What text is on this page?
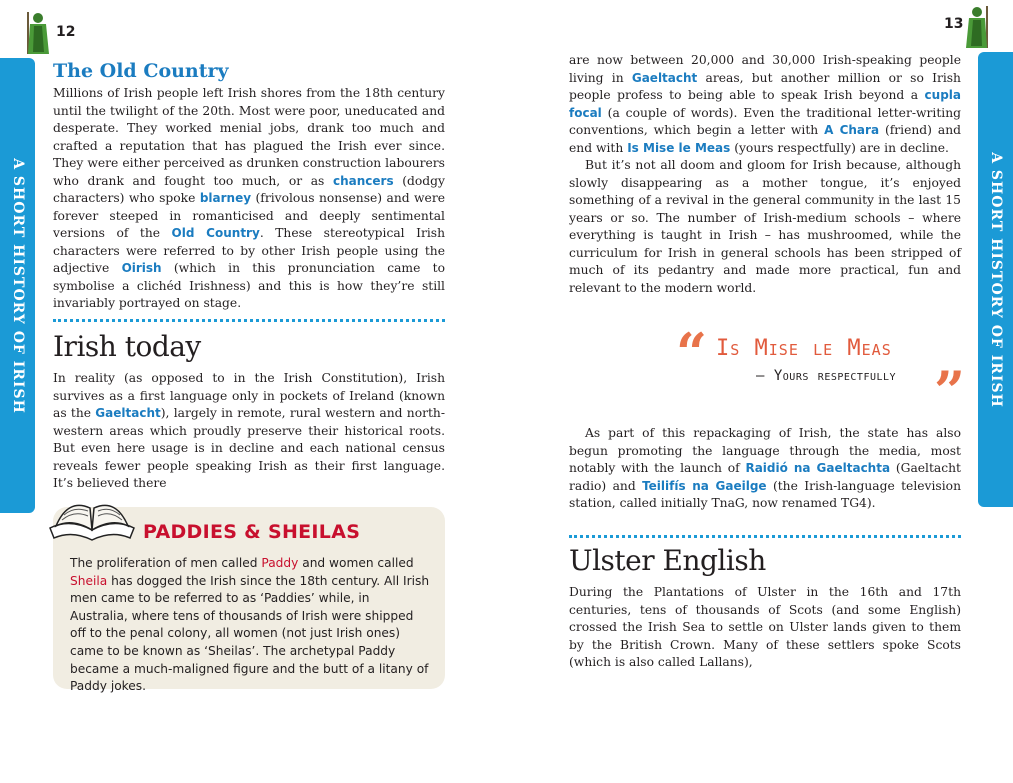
12
A SHORT HISTORY OF IRISH
The Old Country

Millions of Irish people left Irish shores from the 18th century until the twilight of the 20th. Most were poor, uneducated and desperate. They worked menial jobs, drank too much and crafted a reputation that has plagued the Irish ever since. They were either perceived as drunken construction labourers who drank and fought too much, or as chancers (dodgy characters) who spoke blarney (frivolous nonsense) and were forever steeped in romanticised and deeply sentimental versions of the Old Country. These stereotypical Irish characters were referred to by other Irish people using the adjective Oirish (which in this pronunciation came to symbolise a clichéd Irishness) and this is how they’re still invariably portrayed on stage.

Irish today

In reality (as opposed to in the Irish Constitution), Irish survives as a first language only in pockets of Ireland (known as the Gaeltacht), largely in remote, rural western and north-western areas which proudly preserve their historical roots. But even here usage is in decline and each national census reveals fewer people speaking Irish as their first language. It’s believed there

PADDIES & SHEILAS

The proliferation of men called Paddy and women called Sheila has dogged the Irish since the 18th century. All Irish men came to be referred to as ‘Paddies’ while, in Australia, where tens of thousands of Irish were shipped off to the penal colony, all women (not just Irish ones) came to be known as ‘Sheilas’. The archetypal Paddy became a much-maligned figure and the butt of a litany of Paddy jokes.

13
A SHORT HISTORY OF IRISH

are now between 20,000 and 30,000 Irish-speaking people living in Gaeltacht areas, but another million or so Irish people profess to being able to speak Irish beyond a cupla focal (a couple of words). Even the traditional letter-writing conventions, which begin a letter with A Chara (friend) and end with Is Mise le Meas (yours respectfully) are in decline.

But it’s not all doom and gloom for Irish because, although slowly disappearing as a mother tongue, it’s enjoyed something of a revival in the general community in the last 15 years or so. The number of Irish-medium schools – where everything is taught in Irish – has mushroomed, while the curriculum for Irish in general schools has been stripped of much of its pedantry and made more practical, fun and relevant to the modern world.

“ Is Mise le Meas
— Yours respectfully ”

As part of this repackaging of Irish, the state has also begun promoting the language through the media, most notably with the launch of Raidió na Gaeltachta (Gaeltacht radio) and Teilifís na Gaeilge (the Irish-language television station, called initially TnaG, now renamed TG4).

Ulster English

During the Plantations of Ulster in the 16th and 17th centuries, tens of thousands of Scots (and some English) crossed the Irish Sea to settle on Ulster lands given to them by the British Crown. Many of these settlers spoke Scots (which is also called Lallans),
